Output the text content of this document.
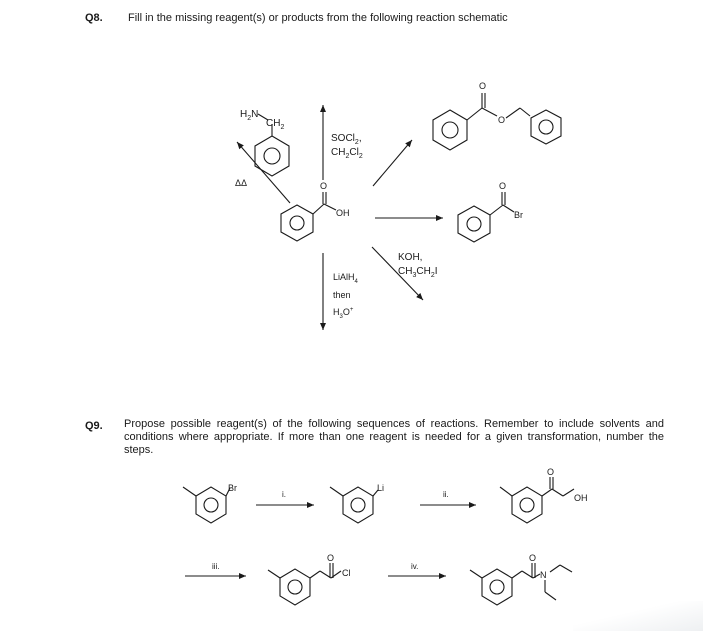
Q8. Fill in the missing reagent(s) or products from the following reaction schematic
$H_2N$
$CH_2$
ΔΔ
SOCl$_2$,
$CH_2Cl_2$
O
O
O
OH
O
Br
LiAlH$_4$
then
$H_3O^+$
KOH,
$CH_3CH_2I$
Br
i.
Li
ii.
O
OH
iii.
O
Cl
iv.
O
N
Q9. Propose possible reagent(s) of the following sequences of reactions. Remember to include solvents and conditions where appropriate. If more than one reagent is needed for a given transformation, number the steps.
